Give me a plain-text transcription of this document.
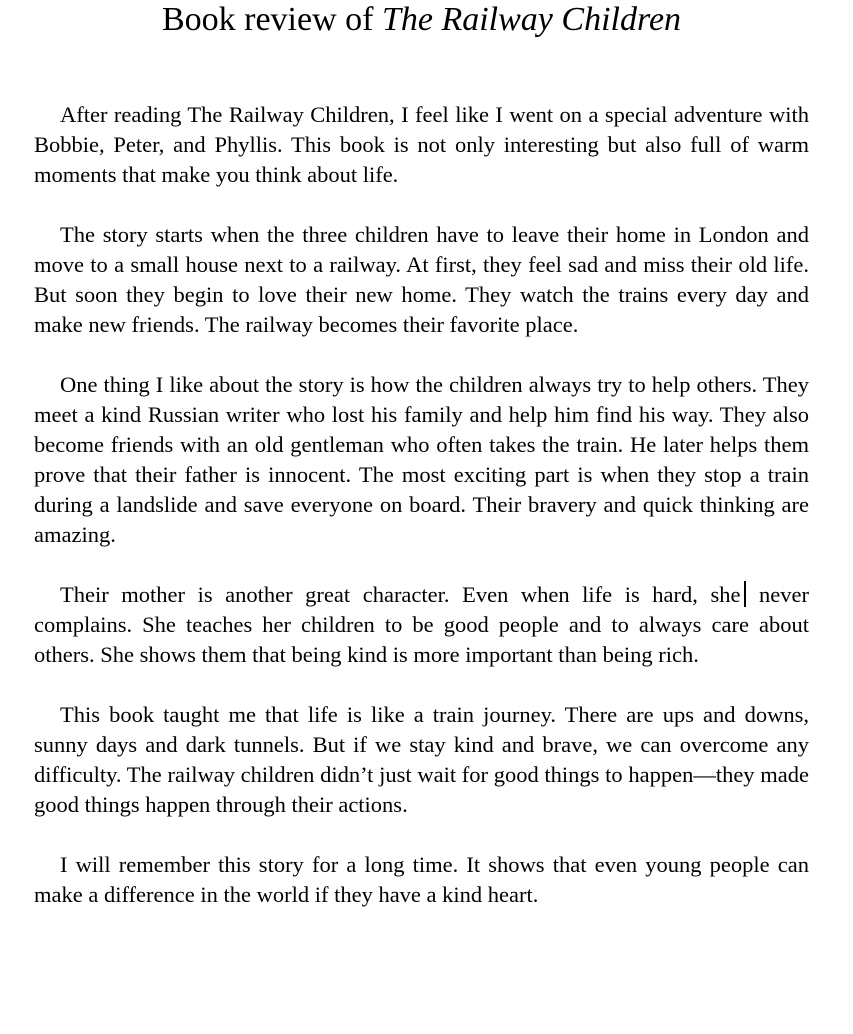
Book review of The Railway Children

After reading The Railway Children, I feel like I went on a special adventure with Bobbie, Peter, and Phyllis. This book is not only interesting but also full of warm moments that make you think about life.

The story starts when the three children have to leave their home in London and move to a small house next to a railway. At first, they feel sad and miss their old life. But soon they begin to love their new home. They watch the trains every day and make new friends. The railway becomes their favorite place.

One thing I like about the story is how the children always try to help others. They meet a kind Russian writer who lost his family and help him find his way. They also become friends with an old gentleman who often takes the train. He later helps them prove that their father is innocent. The most exciting part is when they stop a train during a landslide and save everyone on board. Their bravery and quick thinking are amazing.

Their mother is another great character. Even when life is hard, she never complains. She teaches her children to be good people and to always care about others. She shows them that being kind is more important than being rich.

This book taught me that life is like a train journey. There are ups and downs, sunny days and dark tunnels. But if we stay kind and brave, we can overcome any difficulty. The railway children didn’t just wait for good things to happen—they made good things happen through their actions.

I will remember this story for a long time. It shows that even young people can make a difference in the world if they have a kind heart.
